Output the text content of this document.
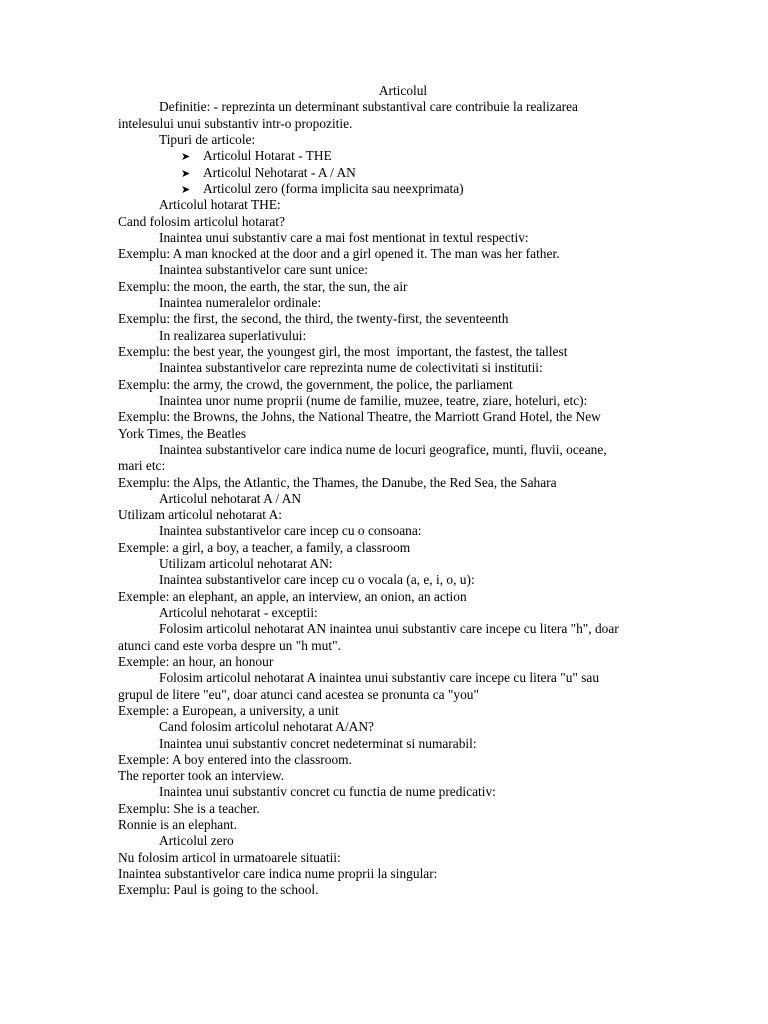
Articolul
Definitie: - reprezinta un determinant substantival care contribuie la realizarea
intelesului unui substantiv intr-o propozitie.
Tipuri de articole:
➤ Articolul Hotarat - THE
➤ Articolul Nehotarat - A / AN
➤ Articolul zero (forma implicita sau neexprimata)
Articolul hotarat THE:
Cand folosim articolul hotarat?
Inaintea unui substantiv care a mai fost mentionat in textul respectiv:
Exemplu: A man knocked at the door and a girl opened it. The man was her father.
Inaintea substantivelor care sunt unice:
Exemplu: the moon, the earth, the star, the sun, the air
Inaintea numeralelor ordinale:
Exemplu: the first, the second, the third, the twenty-first, the seventeenth
In realizarea superlativului:
Exemplu: the best year, the youngest girl, the most  important, the fastest, the tallest
Inaintea substantivelor care reprezinta nume de colectivitati si institutii:
Exemplu: the army, the crowd, the government, the police, the parliament
Inaintea unor nume proprii (nume de familie, muzee, teatre, ziare, hoteluri, etc):
Exemplu: the Browns, the Johns, the National Theatre, the Marriott Grand Hotel, the New
York Times, the Beatles
Inaintea substantivelor care indica nume de locuri geografice, munti, fluvii, oceane,
mari etc:
Exemplu: the Alps, the Atlantic, the Thames, the Danube, the Red Sea, the Sahara
Articolul nehotarat A / AN
Utilizam articolul nehotarat A:
Inaintea substantivelor care incep cu o consoana:
Exemple: a girl, a boy, a teacher, a family, a classroom
Utilizam articolul nehotarat AN:
Inaintea substantivelor care incep cu o vocala (a, e, i, o, u):
Exemple: an elephant, an apple, an interview, an onion, an action
Articolul nehotarat - exceptii:
Folosim articolul nehotarat AN inaintea unui substantiv care incepe cu litera "h", doar
atunci cand este vorba despre un "h mut".
Exemple: an hour, an honour
Folosim articolul nehotarat A inaintea unui substantiv care incepe cu litera "u" sau
grupul de litere "eu", doar atunci cand acestea se pronunta ca "you"
Exemple: a European, a university, a unit
Cand folosim articolul nehotarat A/AN?
Inaintea unui substantiv concret nedeterminat si numarabil:
Exemple: A boy entered into the classroom.
The reporter took an interview.
Inaintea unui substantiv concret cu functia de nume predicativ:
Exemplu: She is a teacher.
Ronnie is an elephant.
Articolul zero
Nu folosim articol in urmatoarele situatii:
Inaintea substantivelor care indica nume proprii la singular:
Exemplu: Paul is going to the school.
